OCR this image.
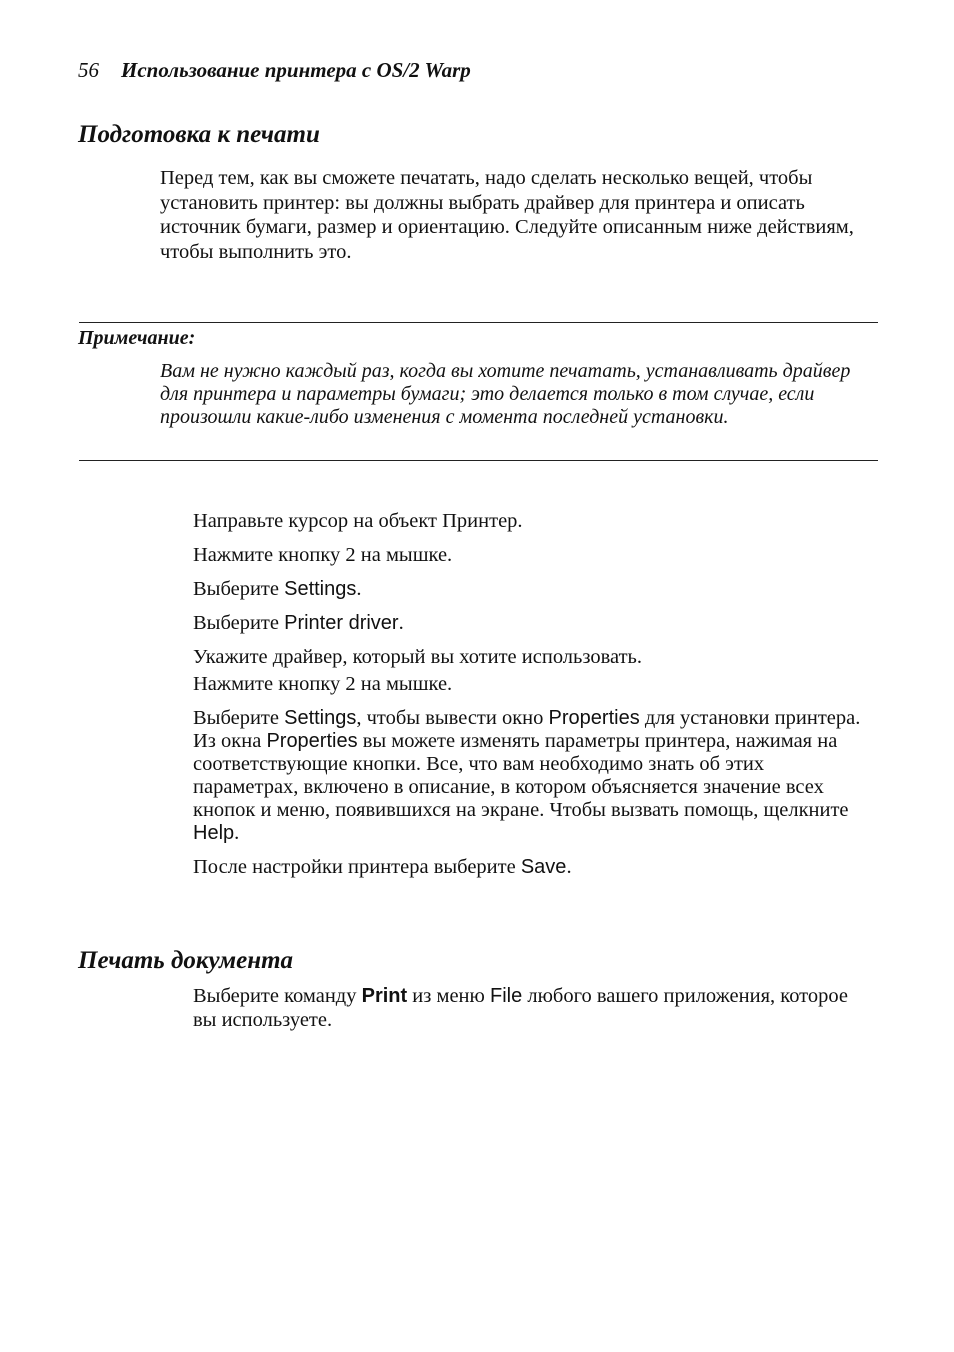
56 Использование принтера с OS/2 Warp
Подготовка к печати

Перед тем, как вы сможете печатать, надо сделать несколько вещей, чтобы установить принтер: вы должны выбрать драйвер для принтера и описать источник бумаги, размер и ориентацию. Следуйте описанным ниже действиям, чтобы выполнить это.

Примечание:

Вам не нужно каждый раз, когда вы хотите печатать, устанавливать драйвер для принтера и параметры бумаги; это делается только в том случае, если произошли какие-либо изменения с момента последней установки.

Направьте курсор на объект Принтер.
Нажмите кнопку 2 на мышке.
Выберите Settings.
Выберите Printer driver.
Укажите драйвер, который вы хотите использовать.
Нажмите кнопку 2 на мышке.
Выберите Settings, чтобы вывести окно Properties для установки принтера. Из окна Properties вы можете изменять параметры принтера, нажимая на соответствующие кнопки. Все, что вам необходимо знать об этих параметрах, включено в описание, в котором объясняется значение всех кнопок и меню, появившихся на экране. Чтобы вызвать помощь, щелкните Help.
После настройки принтера выберите Save.
Печать документа

Выберите команду Print из меню File любого вашего приложения, которое вы используете.
